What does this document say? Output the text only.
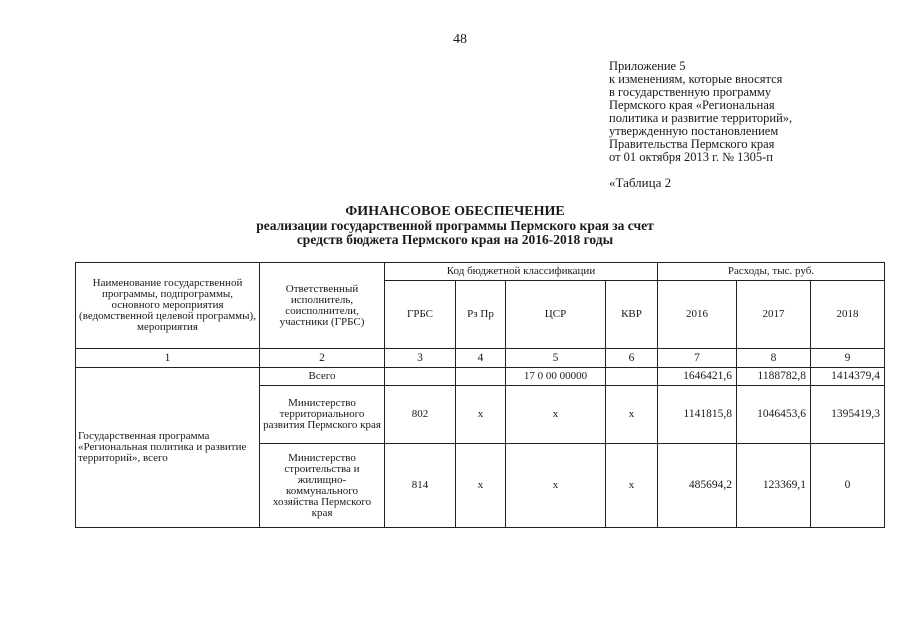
48
Приложение 5
к изменениям, которые вносятся
в государственную программу
Пермского края «Региональная
политика и развитие территорий»,
утвержденную постановлением
Правительства Пермского края
от 01 октября 2013 г. № 1305-п
«Таблица 2
ФИНАНСОВОЕ ОБЕСПЕЧЕНИЕ
реализации государственной программы Пермского края за счет
средств бюджета Пермского края на 2016-2018 годы
Наименование государственной программы, подпрограммы, основного мероприятия (ведомственной целевой программы), мероприятия	Ответственный исполнитель, соисполнители, участники (ГРБС)	Код бюджетной классификации				Расходы, тыс. руб.		
		ГРБС	Рз Пр	ЦСР	КВР	2016	2017	2018
1	2	3	4	5	6	7	8	9
Государственная программа «Региональная политика и развитие территорий», всего	Всего			17 0 00 00000		1646421,6	1188782,8	1414379,4
	Министерство территориального развития Пермского края	802	х	х	х	1141815,8	1046453,6	1395419,3
	Министерство строительства и жилищно-коммунального хозяйства Пермского края	814	х	х	х	485694,2	123369,1	0
